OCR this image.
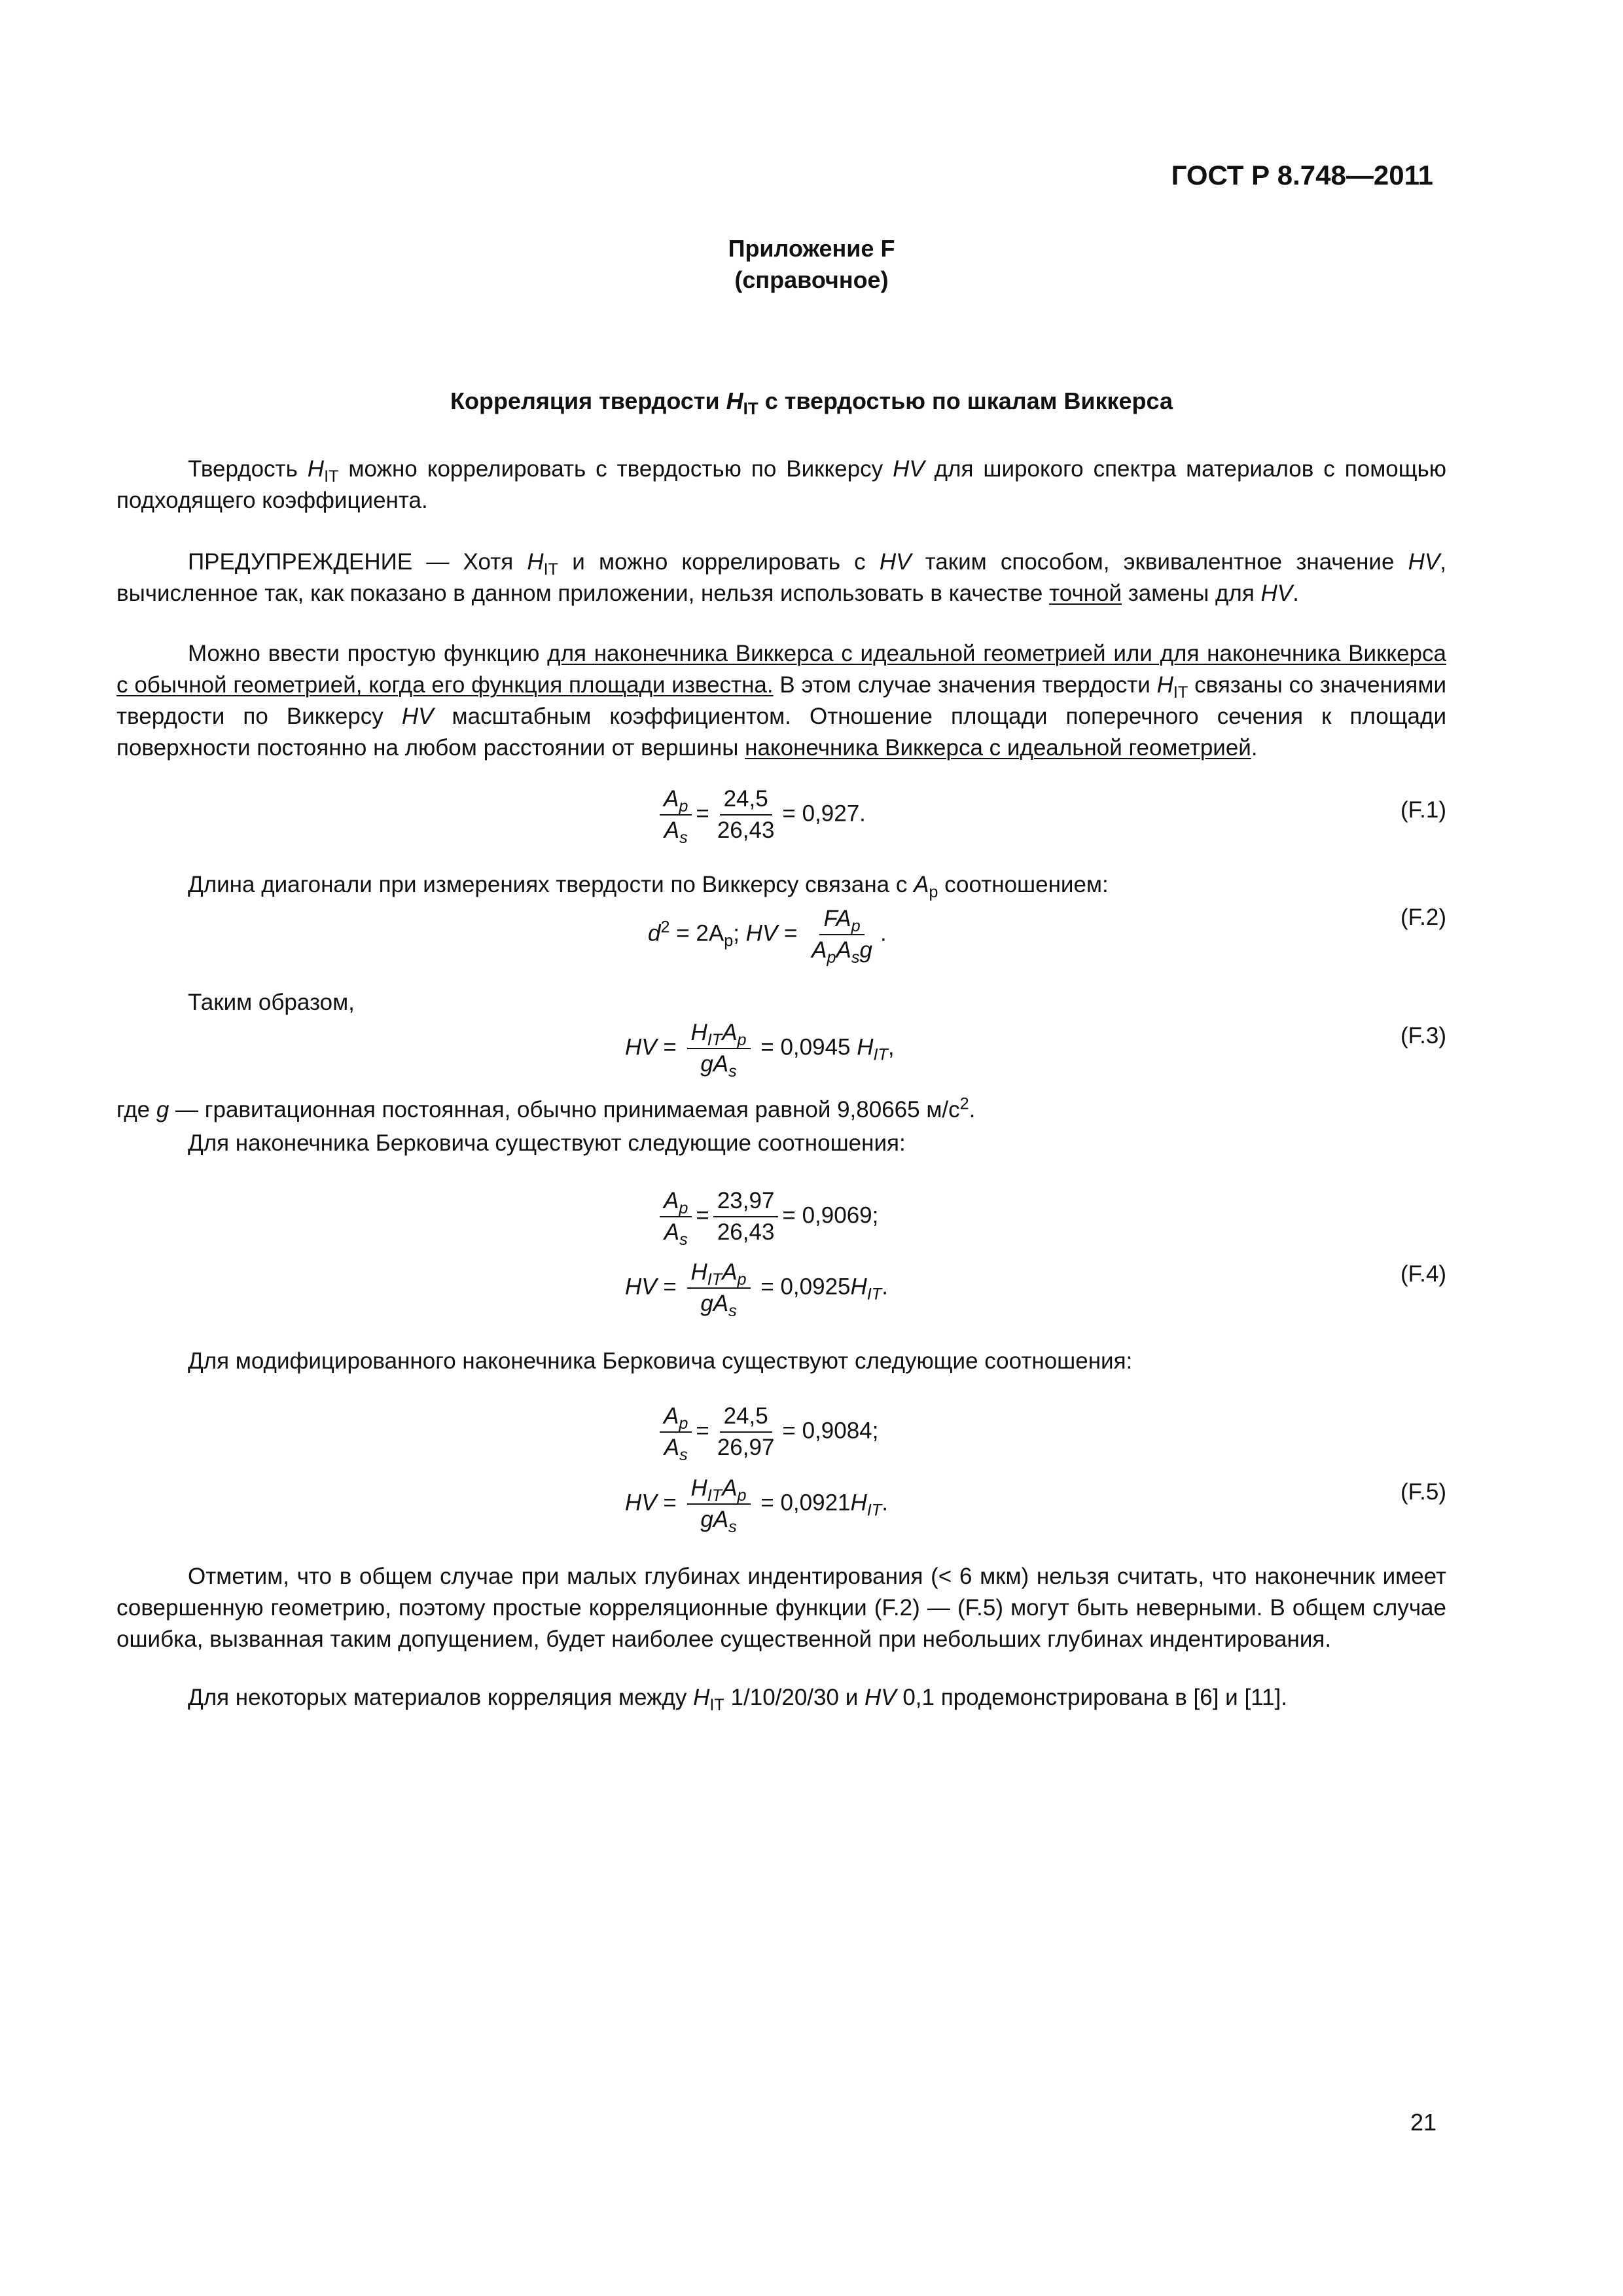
ГОСТ Р 8.748—2011
Приложение F
(справочное)
Корреляция твердости $H_{IT}$ с твердостью по шкалам Виккерса
Твердость $H_{IT}$ можно коррелировать с твердостью по Виккерсу HV для широкого спектра материалов с помощью подходящего коэффициента.
ПРЕДУПРЕЖДЕНИЕ — Хотя $H_{IT}$ и можно коррелировать с HV таким способом, эквивалентное значение HV, вычисленное так, как показано в данном приложении, нельзя использовать в качестве точной замены для HV.
Можно ввести простую функцию для наконечника Виккерса с идеальной геометрией или для наконечника Виккерса с обычной геометрией, когда его функция площади известна. В этом случае значения твердости $H_{IT}$ связаны со значениями твердости по Виккерсу HV масштабным коэффициентом. Отношение площади поперечного сечения к площади поверхности постоянно на любом расстоянии от вершины наконечника Виккерса с идеальной геометрией.
$\frac{A_p}{A_s} = \frac{24,5}{26,43} = 0,927$.	(F.1)
Длина диагонали при измерениях твердости по Виккерсу связана с $A_p$ соотношением:
$d^2 = 2A_p$; HV = $\frac{FA_p}{A_pA_sg}$ .
(F.2)
Таким образом,
HV = $\frac{H_{IT}A_p}{gA_s} = 0,0945$ $H_{IT}$,	(F.3)
где g — гравитационная постоянная, обычно принимаемая равной 9,80665 $м/с^2$.
Для наконечника Берковича существуют следующие соотношения:
$\frac{A_p}{A_s} = \frac{23,97}{26,43} = 0,9069$;
HV = $\frac{H_{IT}A_p}{gA_s} = 0,0925H_{IT}$.	(F.4)
Для модифицированного наконечника Берковича существуют следующие соотношения:
$\frac{A_p}{A_s} = \frac{24,5}{26,97} = 0,9084$;
HV = $\frac{H_{IT}A_p}{gA_s} = 0,0921H_{IT}$.	(F.5)
Отметим, что в общем случае при малых глубинах индентирования (< 6 мкм) нельзя считать, что наконечник имеет совершенную геометрию, поэтому простые корреляционные функции (F.2) — (F.5) могут быть неверными. В общем случае ошибка, вызванная таким допущением, будет наиболее существенной при небольших глубинах индентирования.
Для некоторых материалов корреляция между $H_{IT}$ 1/10/20/30 и HV 0,1 продемонстрирована в [6] и [11].
21
